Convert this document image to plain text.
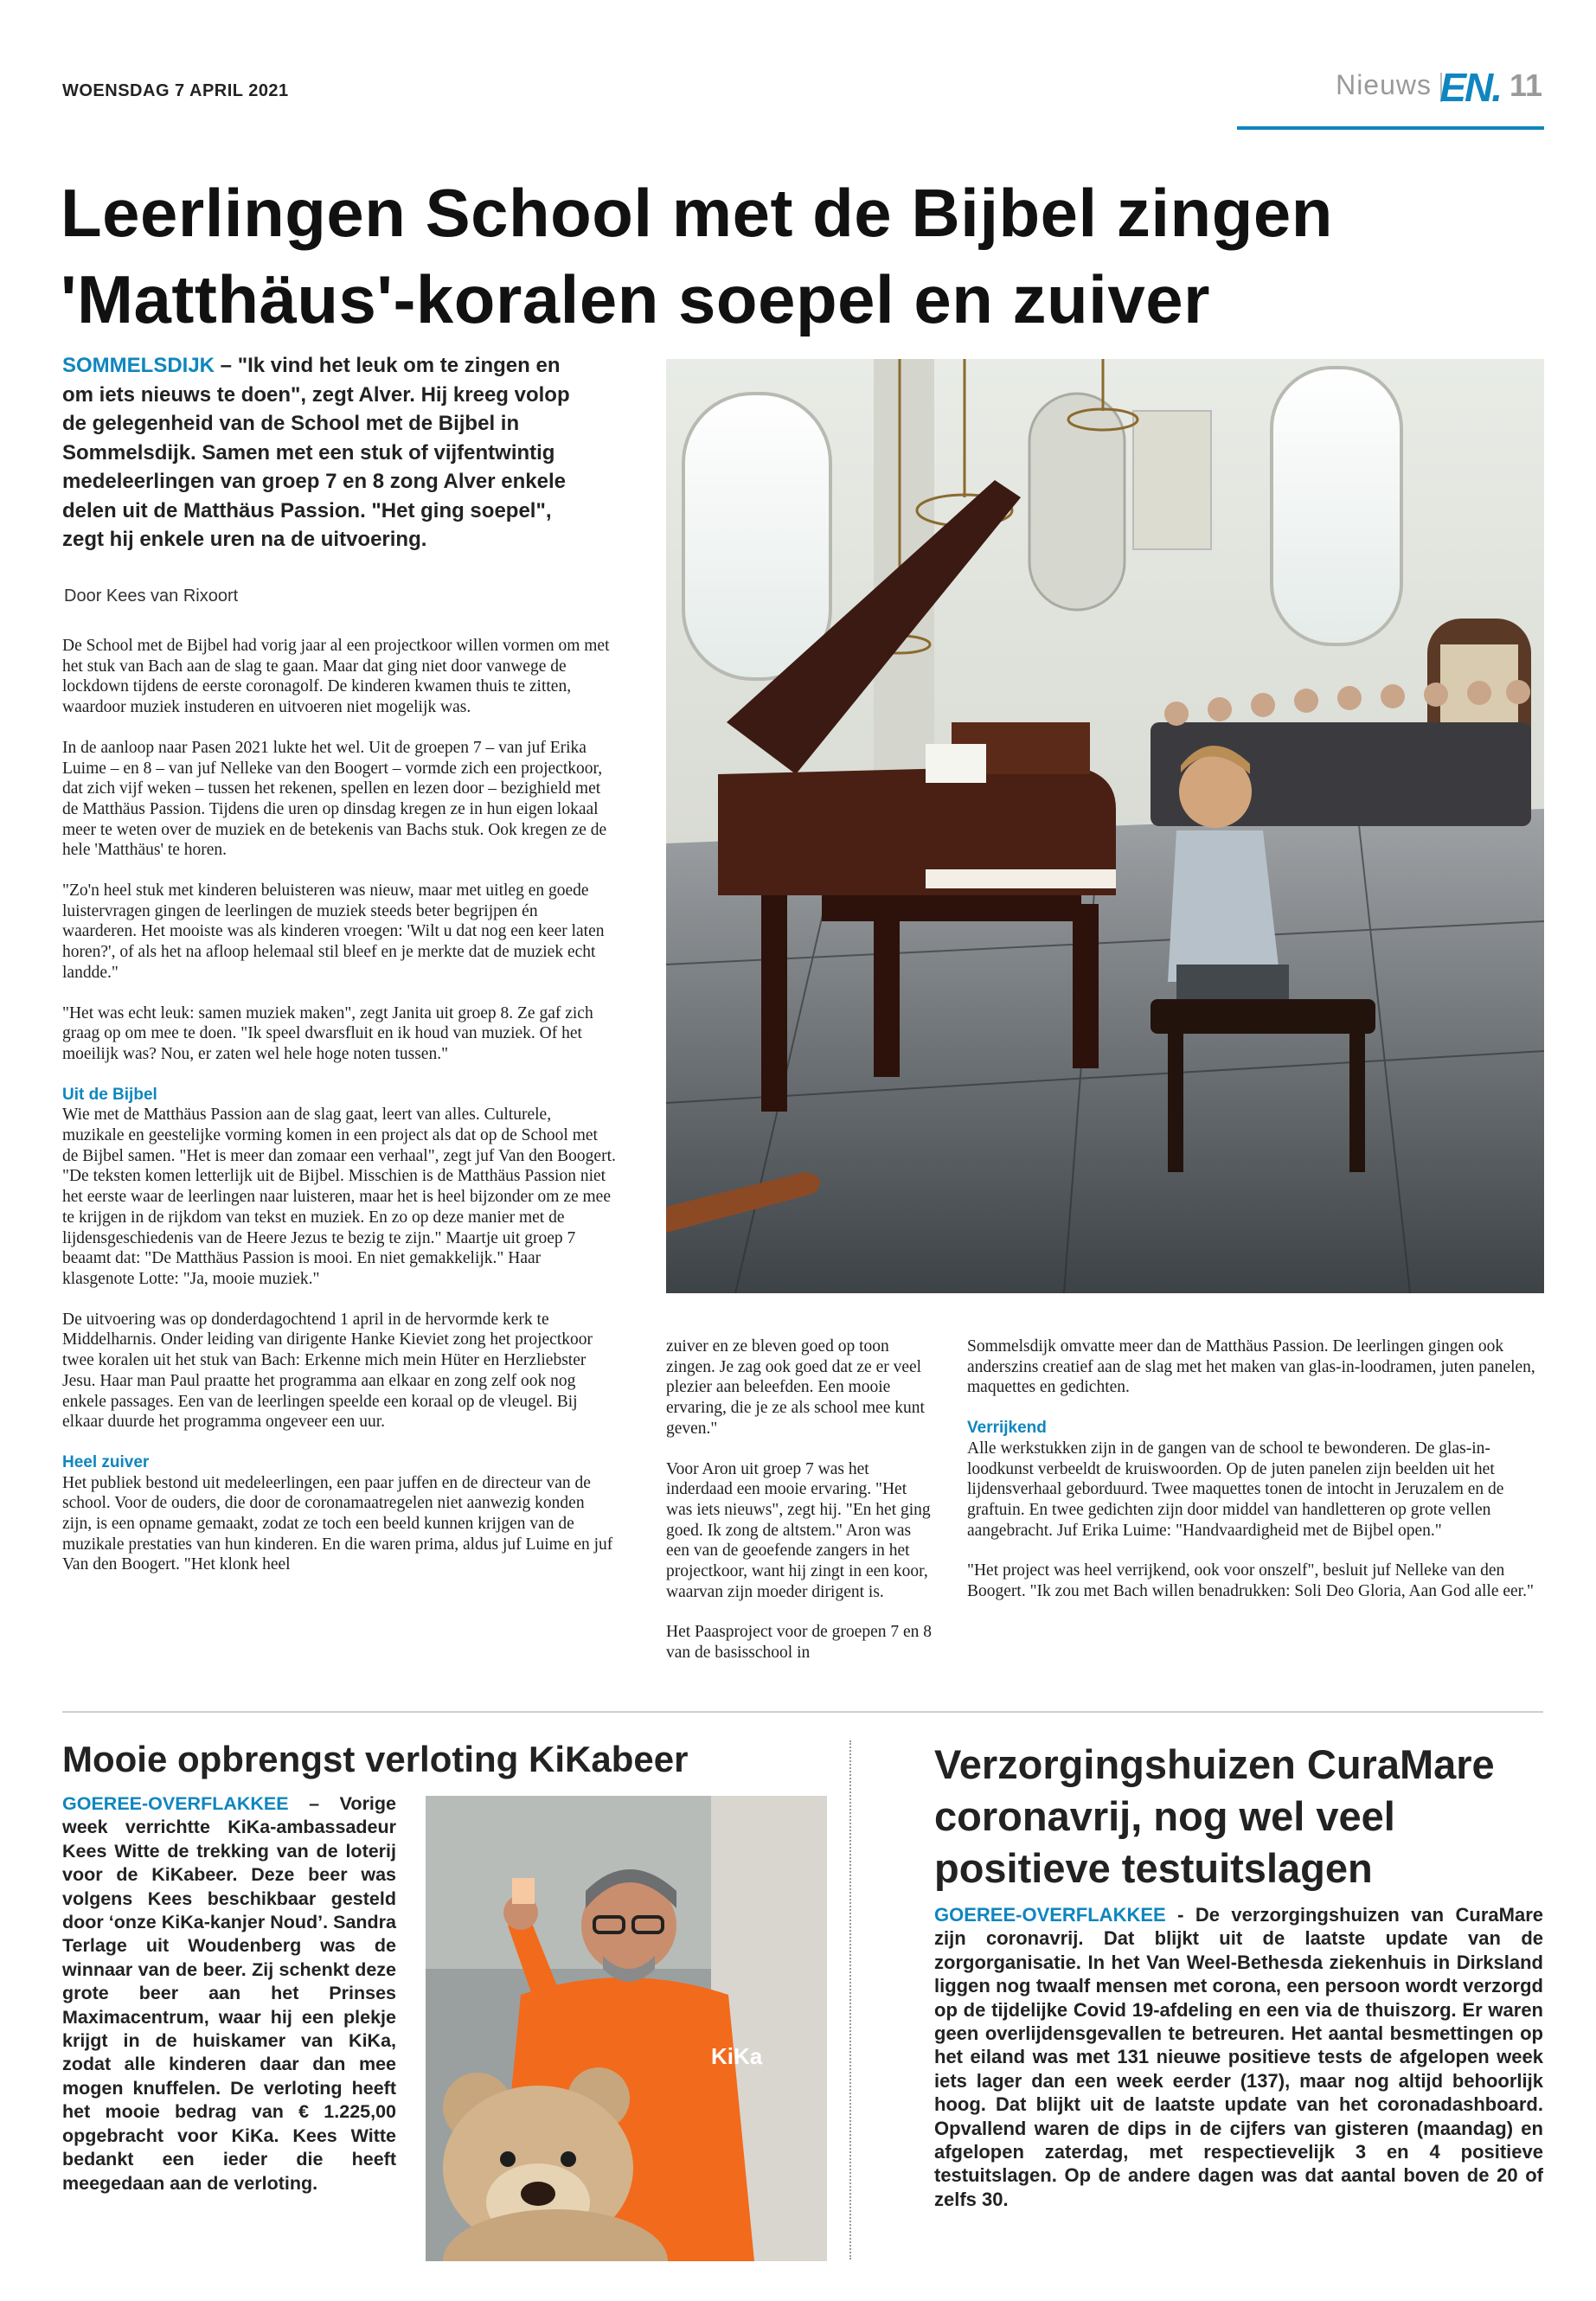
WOENSDAG 7 APRIL 2021	Nieuws EN. 11
Leerlingen School met de Bijbel zingen 'Matthäus'-koralen soepel en zuiver
SOMMELSDIJK – "Ik vind het leuk om te zingen en om iets nieuws te doen", zegt Alver. Hij kreeg volop de gelegenheid van de School met de Bijbel in Sommelsdijk. Samen met een stuk of vijfentwintig medeleerlingen van groep 7 en 8 zong Alver enkele delen uit de Matthäus Passion. "Het ging soepel", zegt hij enkele uren na de uitvoering.
Door Kees van Rixoort

De School met de Bijbel had vorig jaar al een projectkoor willen vormen om met het stuk van Bach aan de slag te gaan. Maar dat ging niet door vanwege de lockdown tijdens de eerste coronagolf. De kinderen kwamen thuis te zitten, waardoor muziek instuderen en uitvoeren niet mogelijk was.

In de aanloop naar Pasen 2021 lukte het wel. Uit de groepen 7 – van juf Erika Luime – en 8 – van juf Nelleke van den Boogert – vormde zich een projectkoor, dat zich vijf weken – tussen het rekenen, spellen en lezen door – bezighield met de Matthäus Passion. Tijdens die uren op dinsdag kregen ze in hun eigen lokaal meer te weten over de muziek en de betekenis van Bachs stuk. Ook kregen ze de hele 'Matthäus' te horen.

"Zo'n heel stuk met kinderen beluisteren was nieuw, maar met uitleg en goede luistervragen gingen de leerlingen de muziek steeds beter begrijpen én waarderen. Het mooiste was als kinderen vroegen: 'Wilt u dat nog een keer laten horen?', of als het na afloop helemaal stil bleef en je merkte dat de muziek echt landde."

"Het was echt leuk: samen muziek maken", zegt Janita uit groep 8. Ze gaf zich graag op om mee te doen. "Ik speel dwarsfluit en ik houd van muziek. Of het moeilijk was? Nou, er zaten wel hele hoge noten tussen."

Uit de Bijbel

Wie met de Matthäus Passion aan de slag gaat, leert van alles. Culturele, muzikale en geestelijke vorming komen in een project als dat op de School met de Bijbel samen. "Het is meer dan zomaar een verhaal", zegt juf Van den Boogert. "De teksten komen letterlijk uit de Bijbel. Misschien is de Matthäus Passion niet het eerste waar de leerlingen naar luisteren, maar het is heel bijzonder om ze mee te krijgen in de rijkdom van tekst en muziek. En zo op deze manier met de lijdensgeschiedenis van de Heere Jezus te bezig te zijn." Maartje uit groep 7 beaamt dat: "De Matthäus Passion is mooi. En niet gemakkelijk." Haar klasgenote Lotte: "Ja, mooie muziek."

De uitvoering was op donderdagochtend 1 april in de hervormde kerk te Middelharnis. Onder leiding van dirigente Hanke Kieviet zong het projectkoor twee koralen uit het stuk van Bach: Erkenne mich mein Hüter en Herzliebster Jesu. Haar man Paul praatte het programma aan elkaar en zong zelf ook nog enkele passages. Een van de leerlingen speelde een koraal op de vleugel. Bij elkaar duurde het programma ongeveer een uur.

Heel zuiver

Het publiek bestond uit medeleerlingen, een paar juffen en de directeur van de school. Voor de ouders, die door de coronamaatregelen niet aanwezig konden zijn, is een opname gemaakt, zodat ze toch een beeld kunnen krijgen van de muzikale prestaties van hun kinderen. En die waren prima, aldus juf Luime en juf Van den Boogert. "Het klonk heel

zuiver en ze bleven goed op toon zingen. Je zag ook goed dat ze er veel plezier aan beleefden. Een mooie ervaring, die je ze als school mee kunt geven."

Voor Aron uit groep 7 was het inderdaad een mooie ervaring. "Het was iets nieuws", zegt hij. "En het ging goed. Ik zong de altstem." Aron was een van de geoefende zangers in het projectkoor, want hij zingt in een koor, waarvan zijn moeder dirigent is.

Het Paasproject voor de groepen 7 en 8 van de basisschool in

Sommelsdijk omvatte meer dan de Matthäus Passion. De leerlingen gingen ook anderszins creatief aan de slag met het maken van glas-in-loodramen, juten panelen, maquettes en gedichten.

Verrijkend

Alle werkstukken zijn in de gangen van de school te bewonderen. De glas-in-loodkunst verbeeldt de kruiswoorden. Op de juten panelen zijn beelden uit het lijdensverhaal geborduurd. Twee maquettes tonen de intocht in Jeruzalem en de graftuin. En twee gedichten zijn door middel van handletteren op grote vellen aangebracht. Juf Erika Luime: "Handvaardigheid met de Bijbel open."

"Het project was heel verrijkend, ook voor onszelf", besluit juf Nelleke van den Boogert. "Ik zou met Bach willen benadrukken: Soli Deo Gloria, Aan God alle eer."

Mooie opbrengst verloting KiKabeer
GOEREE-OVERFLAKKEE – Vorige week verrichtte KiKa-ambassadeur Kees Witte de trekking van de loterij voor de KiKabeer. Deze beer was volgens Kees beschikbaar gesteld door ‘onze KiKa-kanjer Noud’. Sandra Terlage uit Woudenberg was de winnaar van de beer. Zij schenkt deze grote beer aan het Prinses Maximacentrum, waar hij een plekje krijgt in de huiskamer van KiKa, zodat alle kinderen daar dan mee mogen knuffelen. De verloting heeft het mooie bedrag van € 1.225,00 opgebracht voor KiKa. Kees Witte bedankt een ieder die heeft meegedaan aan de verloting.
KiKa
Verzorgingshuizen CuraMare coronavrij, nog wel veel positieve testuitslagen
GOEREE-OVERFLAKKEE - De verzorgingshuizen van CuraMare zijn coronavrij. Dat blijkt uit de laatste update van de zorgorganisatie. In het Van Weel-Bethesda ziekenhuis in Dirksland liggen nog twaalf mensen met corona, een persoon wordt verzorgd op de tijdelijke Covid 19-afdeling en een via de thuiszorg. Er waren geen overlijdensgevallen te betreuren. Het aantal besmettingen op het eiland was met 131 nieuwe positieve tests de afgelopen week iets lager dan een week eerder (137), maar nog altijd behoorlijk hoog. Dat blijkt uit de laatste update van het coronadashboard. Opvallend waren de dips in de cijfers van gisteren (maandag) en afgelopen zaterdag, met respectievelijk 3 en 4 positieve testuitslagen. Op de andere dagen was dat aantal boven de 20 of zelfs 30.
